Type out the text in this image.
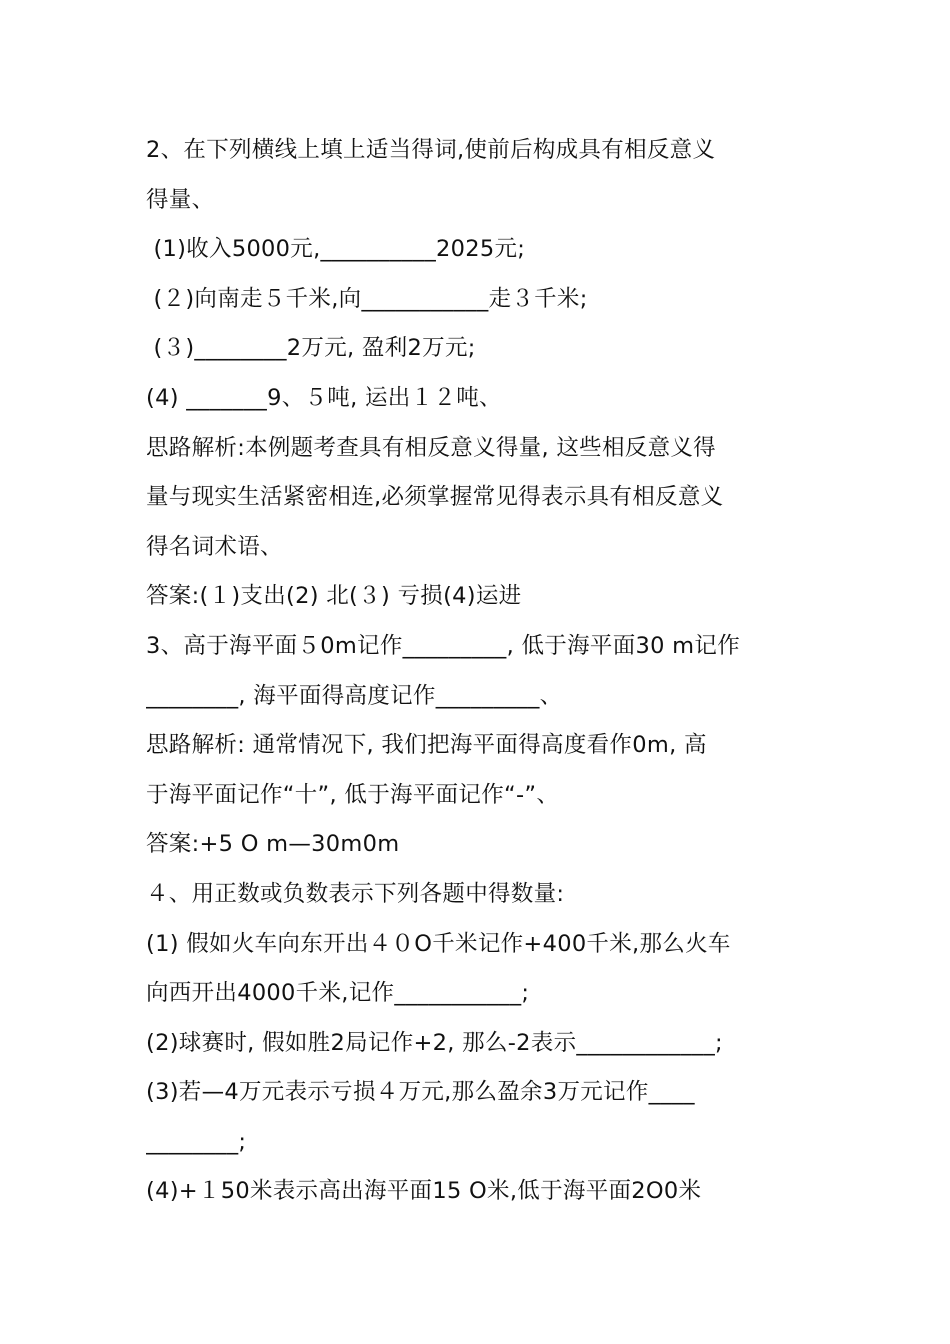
2、在下列横线上填上适当得词,使前后构成具有相反意义
得量、
(1)收入5000元,__________2025元;
(２)向南走５千米,向___________走３千米;
(３)________2万元, 盈利2万元;
(4) _______9、５吨, 运出１２吨、
思路解析:本例题考查具有相反意义得量, 这些相反意义得
量与现实生活紧密相连,必须掌握常见得表示具有相反意义
得名词术语、
答案:(１)支出(2) 北(３) 亏损(4)运进
3、高于海平面５0m记作_________, 低于海平面30 m记作
________, 海平面得高度记作_________、
思路解析: 通常情况下, 我们把海平面得高度看作0m, 高
于海平面记作“十”, 低于海平面记作“-”、
答案:+5 O m—30m0m
４、用正数或负数表示下列各题中得数量:
(1) 假如火车向东开出４０O千米记作+400千米,那么火车
向西开出4000千米,记作___________;
(2)球赛时, 假如胜2局记作+2, 那么-2表示____________;
(3)若—4万元表示亏损４万元,那么盈余3万元记作____
________;
(4)+１50米表示高出海平面15 O米,低于海平面2O0米
